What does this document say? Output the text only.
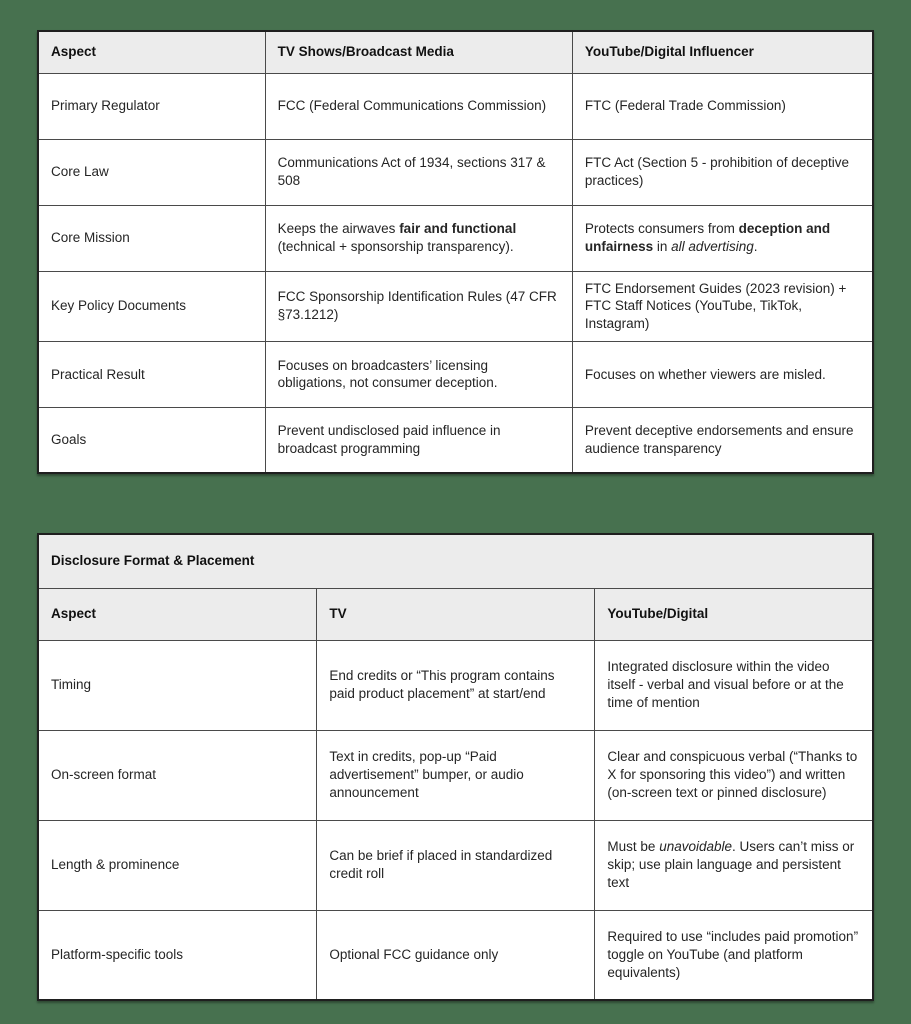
Aspect	TV Shows/Broadcast Media	YouTube/Digital Influencer
Primary Regulator	FCC (Federal Communications Commission)	FTC (Federal Trade Commission)
Core Law	Communications Act of 1934, sections 317 & 508	FTC Act (Section 5 - prohibition of deceptive practices)
Core Mission	Keeps the airwaves fair and functional (technical + sponsorship transparency).	Protects consumers from deception and unfairness in all advertising.
Key Policy Documents	FCC Sponsorship Identification Rules (47 CFR §73.1212)	FTC Endorsement Guides (2023 revision) + FTC Staff Notices (YouTube, TikTok, Instagram)
Practical Result	Focuses on broadcasters’ licensing obligations, not consumer deception.	Focuses on whether viewers are misled.
Goals	Prevent undisclosed paid influence in broadcast programming	Prevent deceptive endorsements and ensure audience transparency
Disclosure Format & Placement		
Aspect	TV	YouTube/Digital
Timing	End credits or “This program contains paid product placement” at start/end	Integrated disclosure within the video itself - verbal and visual before or at the time of mention
On-screen format	Text in credits, pop-up “Paid advertisement” bumper, or audio announcement	Clear and conspicuous verbal (“Thanks to X for sponsoring this video”) and written (on-screen text or pinned disclosure)
Length & prominence	Can be brief if placed in standardized credit roll	Must be unavoidable. Users can’t miss or skip; use plain language and persistent text
Platform-specific tools	Optional FCC guidance only	Required to use “includes paid promotion” toggle on YouTube (and platform equivalents)
